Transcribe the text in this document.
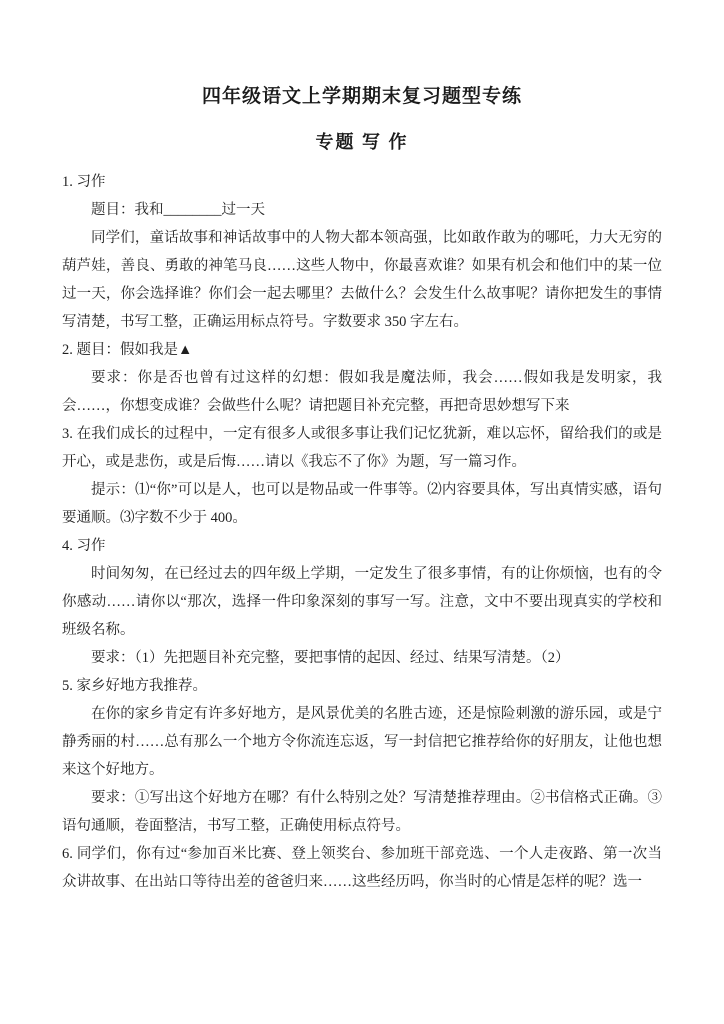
四年级语文上学期期末复习题型专练
专题 写 作

1. 习作

题目：我和________过一天

同学们，童话故事和神话故事中的人物大都本领高强，比如敢作敢为的哪吒，力大无穷的葫芦娃，善良、勇敢的神笔马良……这些人物中，你最喜欢谁？如果有机会和他们中的某一位过一天，你会选择谁？你们会一起去哪里？去做什么？会发生什么故事呢？请你把发生的事情写清楚，书写工整，正确运用标点符号。字数要求 350 字左右。

2. 题目：假如我是▲

要求：你是否也曾有过这样的幻想：假如我是魔法师，我会……假如我是发明家，我会……，你想变成谁？会做些什么呢？请把题目补充完整，再把奇思妙想写下来

3. 在我们成长的过程中，一定有很多人或很多事让我们记忆犹新，难以忘怀，留给我们的或是开心，或是悲伤，或是后悔……请以《我忘不了你》为题，写一篇习作。

提示：⑴“你”可以是人，也可以是物品或一件事等。⑵内容要具体，写出真情实感，语句要通顺。⑶字数不少于 400。

4. 习作

时间匆匆，在已经过去的四年级上学期，一定发生了很多事情，有的让你烦恼，也有的令你感动……请你以“那次，选择一件印象深刻的事写一写。注意，文中不要出现真实的学校和班级名称。

要求：（1）先把题目补充完整，要把事情的起因、经过、结果写清楚。（2）

5. 家乡好地方我推荐。

在你的家乡肯定有许多好地方，是风景优美的名胜古迹，还是惊险刺激的游乐园，或是宁静秀丽的村……总有那么一个地方令你流连忘返，写一封信把它推荐给你的好朋友，让他也想来这个好地方。

要求：①写出这个好地方在哪？有什么特别之处？写清楚推荐理由。②书信格式正确。③语句通顺，卷面整洁，书写工整，正确使用标点符号。

6. 同学们，你有过“参加百米比赛、登上领奖台、参加班干部竞选、一个人走夜路、第一次当众讲故事、在出站口等待出差的爸爸归来……这些经历吗，你当时的心情是怎样的呢？选一
